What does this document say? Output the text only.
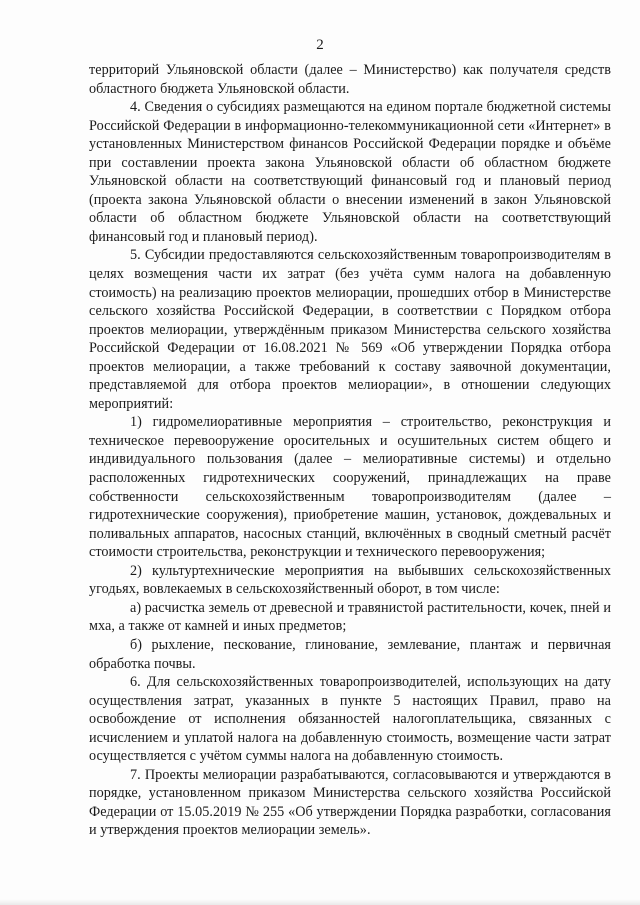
2

территорий Ульяновской области (далее – Министерство) как получателя средств областного бюджета Ульяновской области.

4. Сведения о субсидиях размещаются на едином портале бюджетной системы Российской Федерации в информационно-телекоммуникационной сети «Интернет» в установленных Министерством финансов Российской Федерации порядке и объёме при составлении проекта закона Ульяновской области об областном бюджете Ульяновской области на соответствующий финансовый год и плановый период (проекта закона Ульяновской области о внесении изменений в закон Ульяновской области об областном бюджете Ульяновской области на соответствующий финансовый год и плановый период).

5. Субсидии предоставляются сельскохозяйственным товаропроизводителям в целях возмещения части их затрат (без учёта сумм налога на добавленную стоимость) на реализацию проектов мелиорации, прошедших отбор в Министерстве сельского хозяйства Российской Федерации, в соответствии с Порядком отбора проектов мелиорации, утверждённым приказом Министерства сельского хозяйства Российской Федерации от 16.08.2021 № 569 «Об утверждении Порядка отбора проектов мелиорации, а также требований к составу заявочной документации, представляемой для отбора проектов мелиорации», в отношении следующих мероприятий:

1) гидромелиоративные мероприятия – строительство, реконструкция и техническое перевооружение оросительных и осушительных систем общего и индивидуального пользования (далее – мелиоративные системы) и отдельно расположенных гидротехнических сооружений, принадлежащих на праве собственности сельскохозяйственным товаропроизводителям (далее – гидротехнические сооружения), приобретение машин, установок, дождевальных и поливальных аппаратов, насосных станций, включённых в сводный сметный расчёт стоимости строительства, реконструкции и технического перевооружения;

2) культуртехнические мероприятия на выбывших сельскохозяйственных угодьях, вовлекаемых в сельскохозяйственный оборот, в том числе:

а) расчистка земель от древесной и травянистой растительности, кочек, пней и мха, а также от камней и иных предметов;

б) рыхление, пескование, глинование, землевание, плантаж и первичная обработка почвы.

6. Для сельскохозяйственных товаропроизводителей, использующих на дату осуществления затрат, указанных в пункте 5 настоящих Правил, право на освобождение от исполнения обязанностей налогоплательщика, связанных с исчислением и уплатой налога на добавленную стоимость, возмещение части затрат осуществляется с учётом суммы налога на добавленную стоимость.

7. Проекты мелиорации разрабатываются, согласовываются и утверждаются в порядке, установленном приказом Министерства сельского хозяйства Российской Федерации от 15.05.2019 № 255 «Об утверждении Порядка разработки, согласования и утверждения проектов мелиорации земель».
